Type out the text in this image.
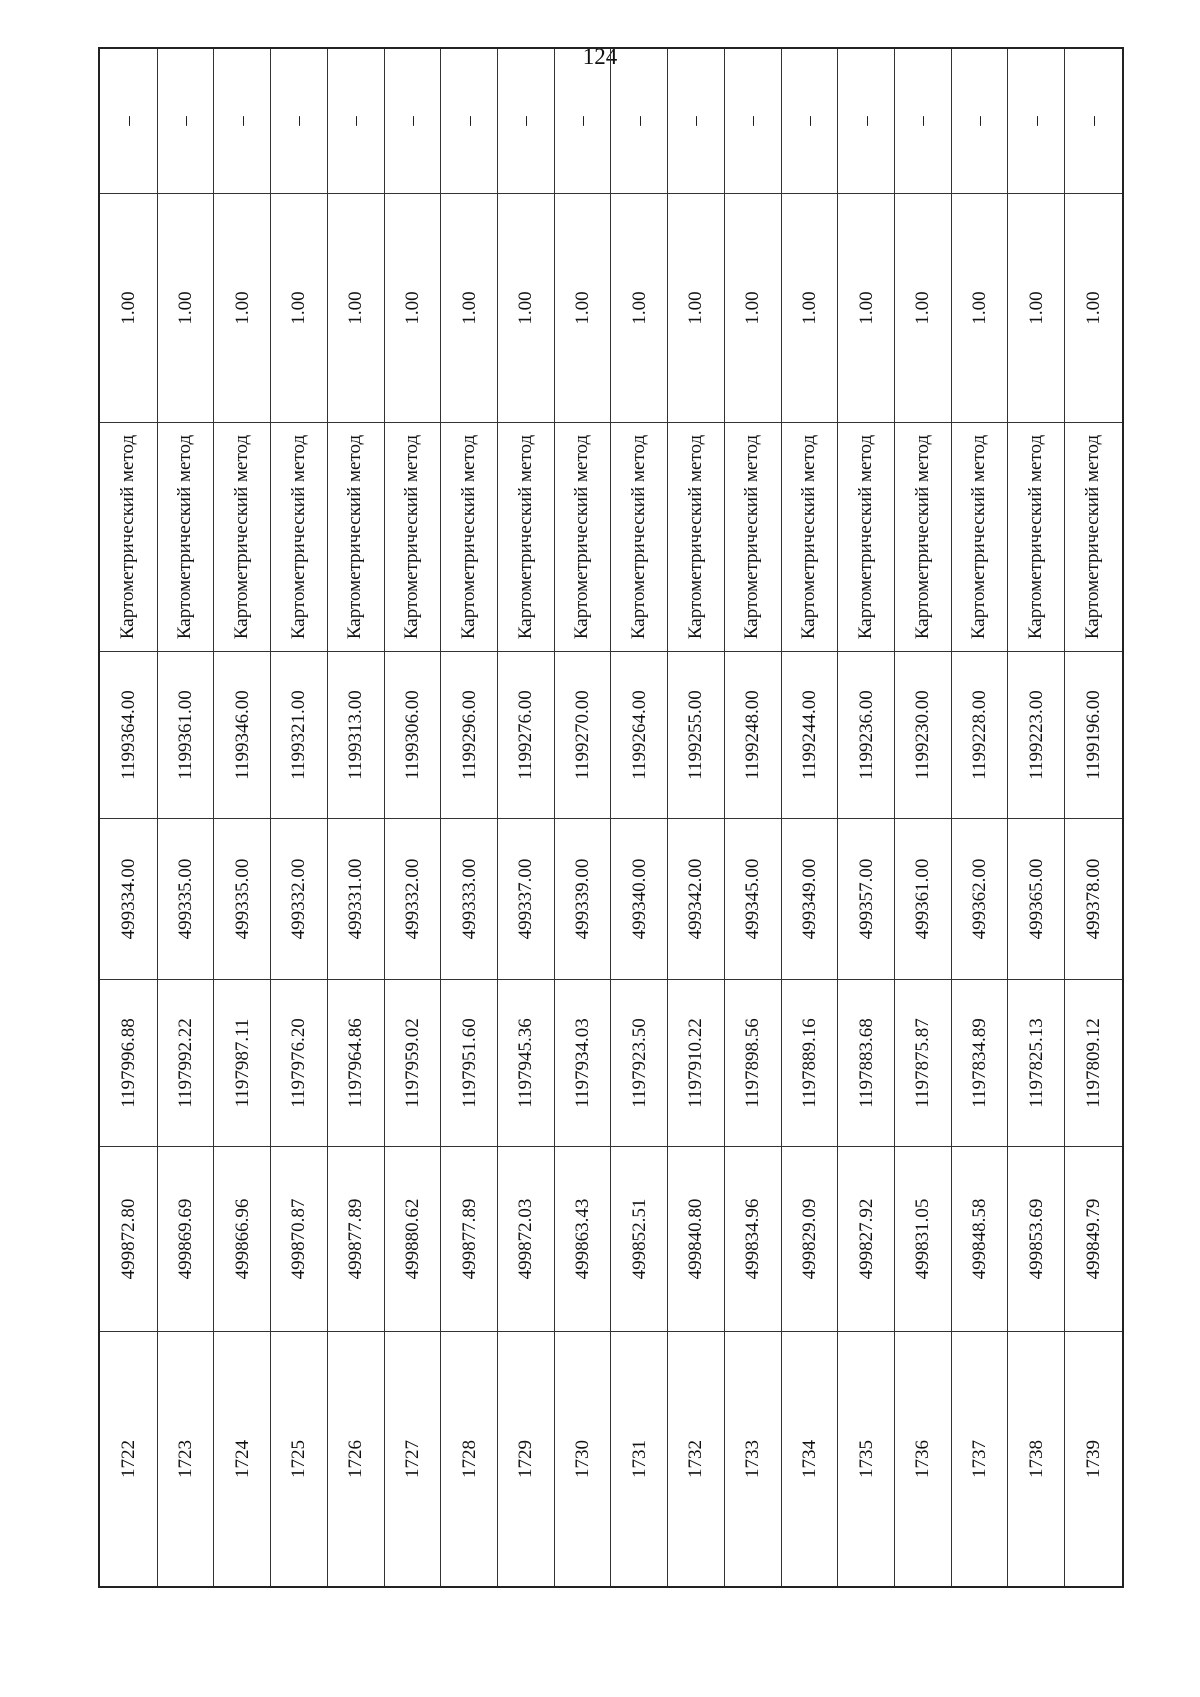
124
1722	499872.80	1197996.88	499334.00	1199364.00	Картометрический метод	1.00	–
1723	499869.69	1197992.22	499335.00	1199361.00	Картометрический метод	1.00	–
1724	499866.96	1197987.11	499335.00	1199346.00	Картометрический метод	1.00	–
1725	499870.87	1197976.20	499332.00	1199321.00	Картометрический метод	1.00	–
1726	499877.89	1197964.86	499331.00	1199313.00	Картометрический метод	1.00	–
1727	499880.62	1197959.02	499332.00	1199306.00	Картометрический метод	1.00	–
1728	499877.89	1197951.60	499333.00	1199296.00	Картометрический метод	1.00	–
1729	499872.03	1197945.36	499337.00	1199276.00	Картометрический метод	1.00	–
1730	499863.43	1197934.03	499339.00	1199270.00	Картометрический метод	1.00	–
1731	499852.51	1197923.50	499340.00	1199264.00	Картометрический метод	1.00	–
1732	499840.80	1197910.22	499342.00	1199255.00	Картометрический метод	1.00	–
1733	499834.96	1197898.56	499345.00	1199248.00	Картометрический метод	1.00	–
1734	499829.09	1197889.16	499349.00	1199244.00	Картометрический метод	1.00	–
1735	499827.92	1197883.68	499357.00	1199236.00	Картометрический метод	1.00	–
1736	499831.05	1197875.87	499361.00	1199230.00	Картометрический метод	1.00	–
1737	499848.58	1197834.89	499362.00	1199228.00	Картометрический метод	1.00	–
1738	499853.69	1197825.13	499365.00	1199223.00	Картометрический метод	1.00	–
1739	499849.79	1197809.12	499378.00	1199196.00	Картометрический метод	1.00	–
